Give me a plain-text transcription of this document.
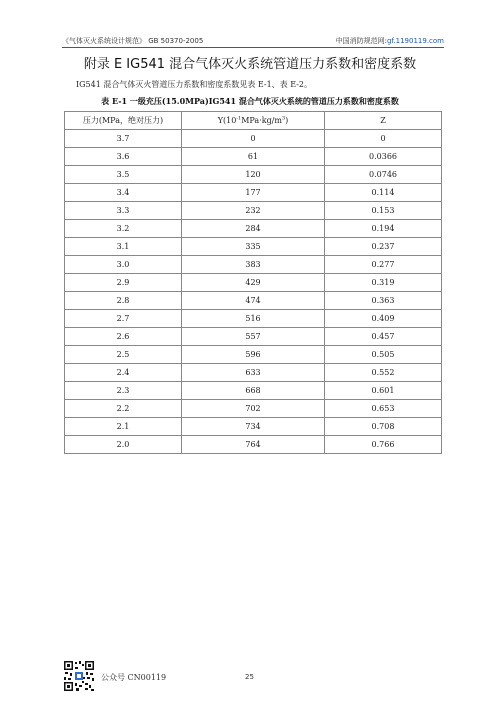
《气体灭火系统设计规范》 GB 50370-2005	中国消防规范网:gf.1190119.com
附录 E IG541 混合气体灭火系统管道压力系数和密度系数
IG541 混合气体灭火管道压力系数和密度系数见表 E-1、表 E-2。
表 E-1 一级充压(15.0MPa)IG541 混合气体灭火系统的管道压力系数和密度系数
压力(MPa，绝对压力)	$Y(10^{-1}MPa\cdot kg/m^3)$	Z
3.7	0	0
3.6	61	0.0366
3.5	120	0.0746
3.4	177	0.114
3.3	232	0.153
3.2	284	0.194
3.1	335	0.237
3.0	383	0.277
2.9	429	0.319
2.8	474	0.363
2.7	516	0.409
2.6	557	0.457
2.5	596	0.505
2.4	633	0.552
2.3	668	0.601
2.2	702	0.653
2.1	734	0.708
2.0	764	0.766
公众号 CN00119	25
